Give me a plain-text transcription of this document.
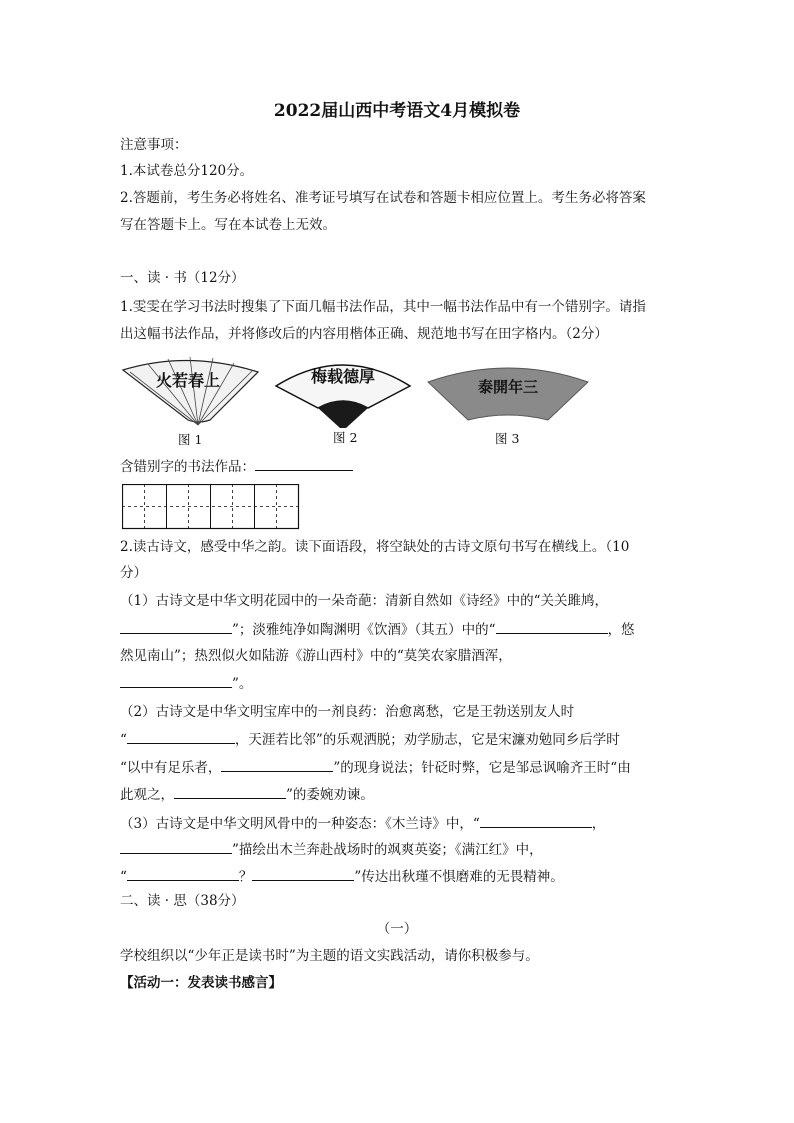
2022届山西中考语文4月模拟卷
注意事项：
1.本试卷总分120分。
2.答题前，考生务必将姓名、准考证号填写在试卷和答题卡相应位置上。考生务必将答案
写在答题卡上。写在本试卷上无效。
一、读 · 书（12分）
1.雯雯在学习书法时搜集了下面几幅书法作品，其中一幅书法作品中有一个错别字。请指
出这幅书法作品，并将修改后的内容用楷体正确、规范地书写在田字格内。（2分）
火若春上	梅载德厚
泰開年三
图 1	图 2	图 3
含错别字的书法作品：
2.读古诗文，感受中华之韵。读下面语段，将空缺处的古诗文原句书写在横线上。（10
分）
（1）古诗文是中华文明花园中的一朵奇葩：清新自然如《诗经》中的“关关雎鸠，
”；淡雅纯净如陶渊明《饮酒》（其五）中的“	，悠
然见南山”；热烈似火如陆游《游山西村》中的“莫笑农家腊酒浑，
”。
（2）古诗文是中华文明宝库中的一剂良药：治愈离愁，它是王勃送别友人时
“	，天涯若比邻”的乐观洒脱；劝学励志，它是宋濂劝勉同乡后学时
“以中有足乐者，	”的现身说法；针砭时弊，它是邹忌讽喻齐王时“由
此观之，	”的委婉劝谏。
（3）古诗文是中华文明风骨中的一种姿态：《木兰诗》中，“	，
”描绘出木兰奔赴战场时的飒爽英姿；《满江红》中，
“	？	”传达出秋瑾不惧磨难的无畏精神。
二、读 · 思（38分）
（一）
学校组织以“少年正是读书时”为主题的语文实践活动，请你积极参与。
【活动一：发表读书感言】
